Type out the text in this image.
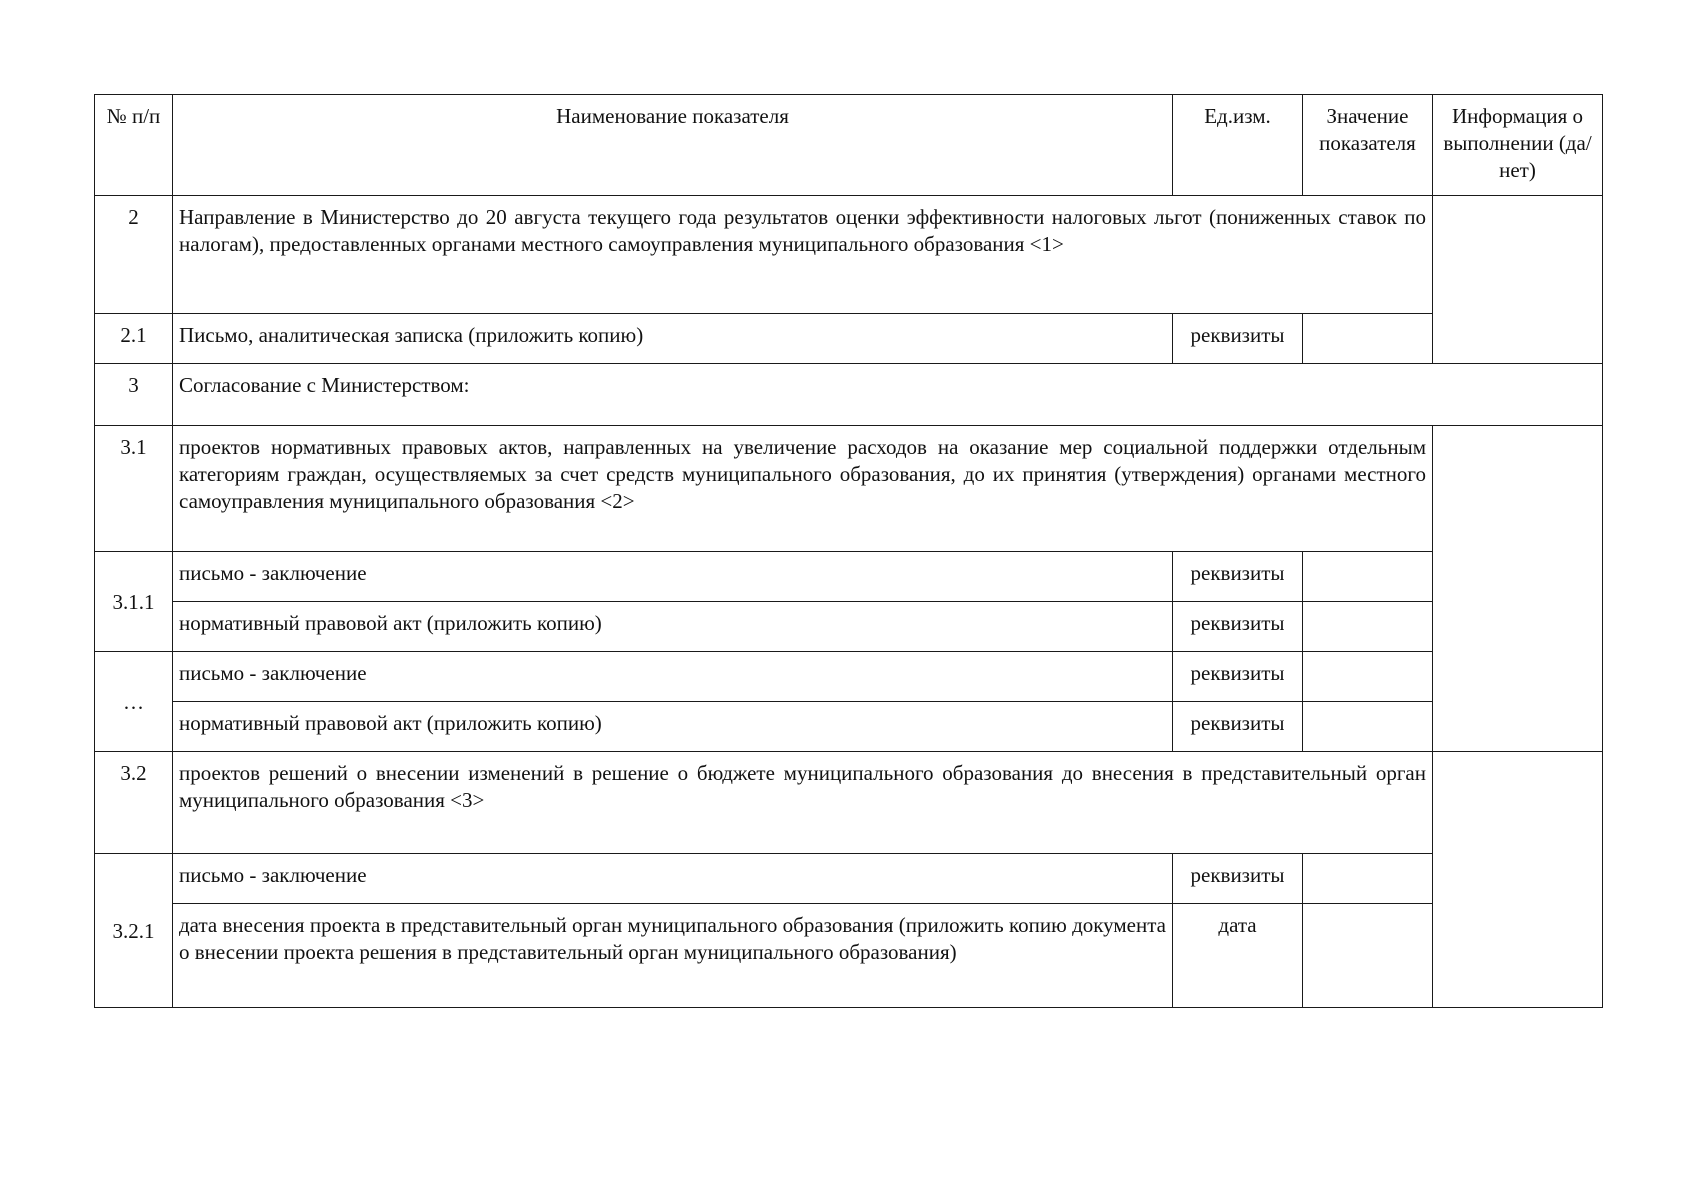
№ п/п	Наименование показателя	Ед.изм.	Значение показателя	Информация о выполнении (да/ нет)
2	Направление в Министерство до 20 августа текущего года результатов оценки эффективности налоговых льгот (пониженных ставок по налогам), предоставленных органами местного самоуправления муниципального образования <1>			
2.1	Письмо, аналитическая записка (приложить копию)	реквизиты		
3	Согласование с Министерством:			
3.1	проектов нормативных правовых актов, направленных на увеличение расходов на оказание мер социальной поддержки отдельным категориям граждан, осуществляемых за счет средств муниципального образования, до их принятия (утверждения) органами местного самоуправления муниципального образования <2>			
3.1.1	письмо - заключение	реквизиты		
	нормативный правовой акт (приложить копию)	реквизиты		
…	письмо - заключение	реквизиты		
	нормативный правовой акт (приложить копию)	реквизиты		
3.2	проектов решений о внесении изменений в решение о бюджете муниципального образования до внесения в представительный орган муниципального образования <3>			
3.2.1	письмо - заключение	реквизиты		
	дата внесения проекта в представительный орган муниципального образования (приложить копию документа о внесении проекта решения в представительный орган муниципального образования)	дата		
